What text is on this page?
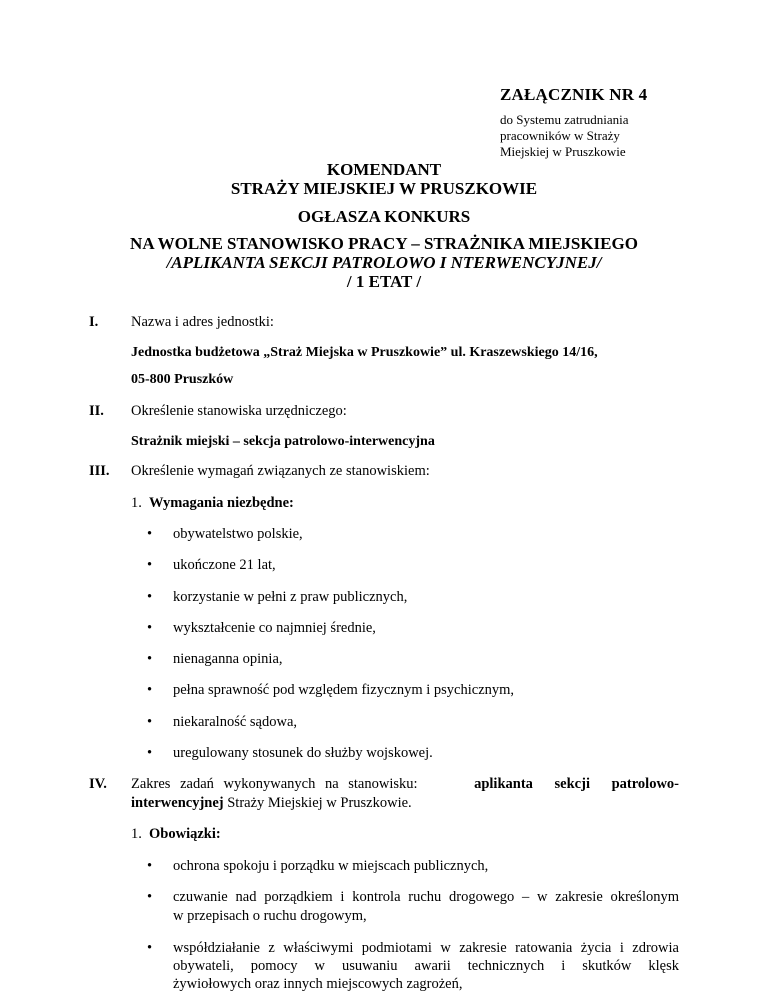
ZAŁĄCZNIK NR 4
do Systemu zatrudniania
pracowników w Straży
Miejskiej w Pruszkowie
KOMENDANT
STRAŻY MIEJSKIEJ W PRUSZKOWIE
OGŁASZA KONKURS
NA WOLNE STANOWISKO PRACY – STRAŻNIKA MIEJSKIEGO
/APLIKANTA SEKCJI PATROLOWO I NTERWENCYJNEJ/
/ 1 ETAT /
I. Nazwa i adres jednostki:
Jednostka budżetowa „Straż Miejska w Pruszkowie” ul. Kraszewskiego 14/16,
05-800 Pruszków
II. Określenie stanowiska urzędniczego:
Strażnik miejski – sekcja patrolowo-interwencyjna
III. Określenie wymagań związanych ze stanowiskiem:
1. Wymagania niezbędne:
• obywatelstwo polskie,
• ukończone 21 lat,
• korzystanie w pełni z praw publicznych,
• wykształcenie co najmniej średnie,
• nienaganna opinia,
• pełna sprawność pod względem fizycznym i psychicznym,
• niekaralność sądowa,
• uregulowany stosunek do służby wojskowej.
IV. Zakres zadań wykonywanych na stanowisku:	aplikanta sekcji patrolowo-
interwencyjnej Straży Miejskiej w Pruszkowie.
1. Obowiązki:
• ochrona spokoju i porządku w miejscach publicznych,
• czuwanie nad porządkiem i kontrola ruchu drogowego – w zakresie określonym
w przepisach o ruchu drogowym,
• współdziałanie z właściwymi podmiotami w zakresie ratowania życia i zdrowia
obywateli, pomocy w usuwaniu awarii technicznych i skutków klęsk
żywiołowych oraz innych miejscowych zagrożeń,
